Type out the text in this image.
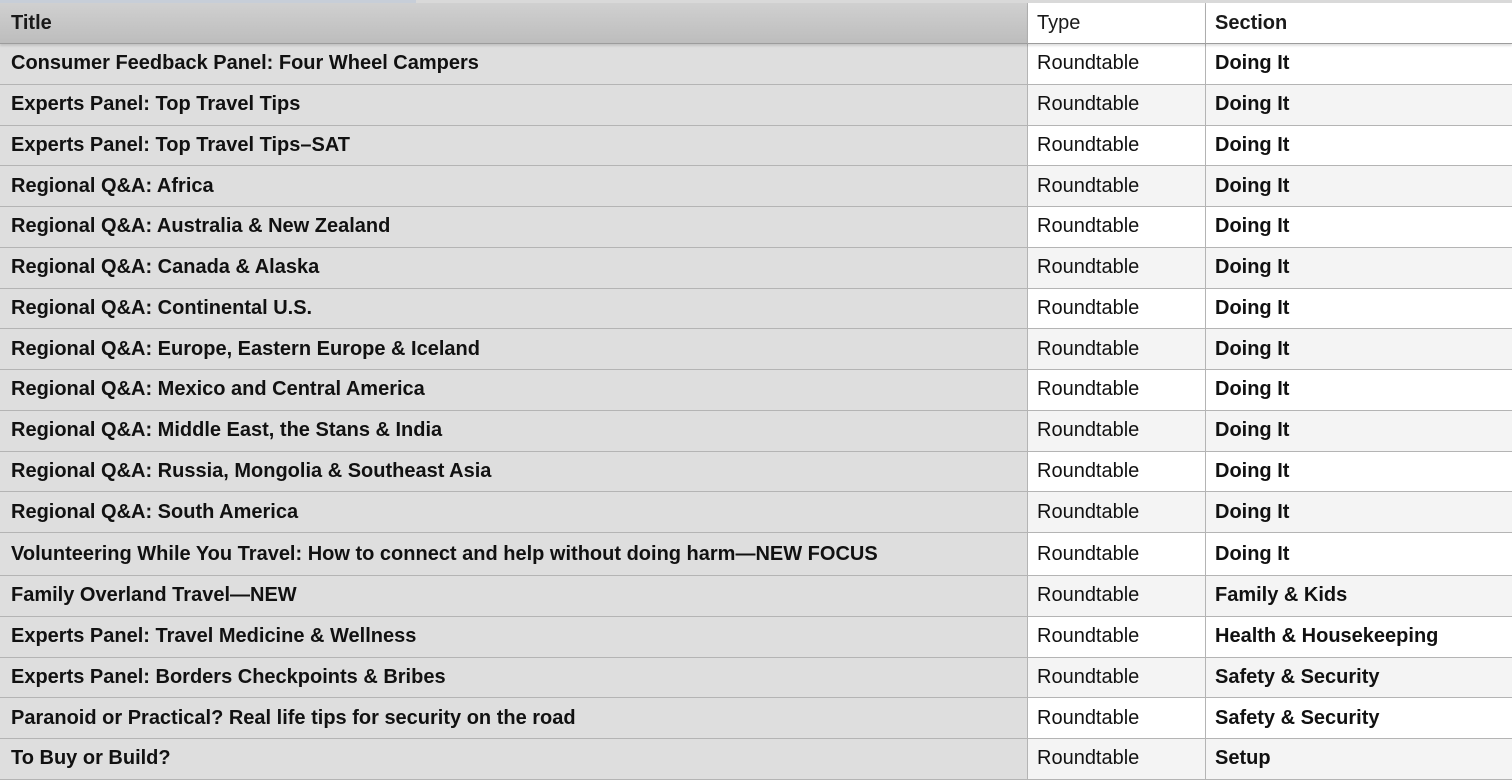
Title	Type	Section
Consumer Feedback Panel: Four Wheel Campers	Roundtable	Doing It
Experts Panel: Top Travel Tips	Roundtable	Doing It
Experts Panel: Top Travel Tips–SAT	Roundtable	Doing It
Regional Q&A: Africa	Roundtable	Doing It
Regional Q&A: Australia & New Zealand	Roundtable	Doing It
Regional Q&A: Canada & Alaska	Roundtable	Doing It
Regional Q&A: Continental U.S.	Roundtable	Doing It
Regional Q&A: Europe, Eastern Europe & Iceland	Roundtable	Doing It
Regional Q&A: Mexico and Central America	Roundtable	Doing It
Regional Q&A: Middle East, the Stans & India	Roundtable	Doing It
Regional Q&A: Russia, Mongolia & Southeast Asia	Roundtable	Doing It
Regional Q&A: South America	Roundtable	Doing It
Volunteering While You Travel: How to connect and help without doing harm—NEW FOCUS	Roundtable	Doing It
Family Overland Travel—NEW	Roundtable	Family & Kids
Experts Panel: Travel Medicine & Wellness	Roundtable	Health & Housekeeping
Experts Panel: Borders Checkpoints & Bribes	Roundtable	Safety & Security
Paranoid or Practical? Real life tips for security on the road	Roundtable	Safety & Security
To Buy or Build?	Roundtable	Setup
